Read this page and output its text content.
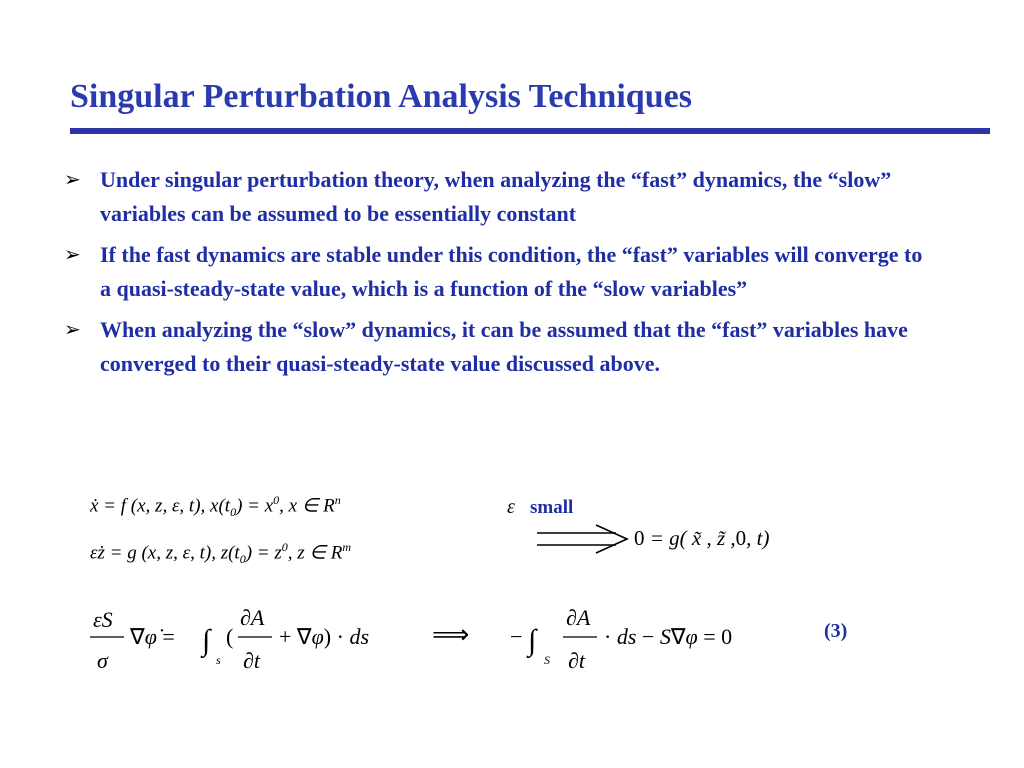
Singular Perturbation Analysis Techniques
➢ Under singular perturbation theory, when analyzing the “fast” dynamics, the “slow” variables can be assumed to be essentially constant
➢ If the fast dynamics are stable under this condition, the “fast” variables will converge to a quasi-steady-state value, which is a function of the “slow variables”
➢ When analyzing the “slow” dynamics, it can be assumed that the “fast” variables have converged to their quasi-steady-state value discussed above.
ẋ = f (x, z, ε, t), $x(t_0) = x^0$, x ∈ $R^n$
εż = g (x, z, ε, t), $z(t_0) = z^0$, z ∈ $R^m$
ε small
0 = g( x̃ , z̃ ,0, t)
εS
σ
∇φ̇ = ∫
s
(
∂A
∂t
+ ∇φ) · ds ⟹ − ∫
S
∂A
∂t
· ds − S∇φ = 0	(3)
